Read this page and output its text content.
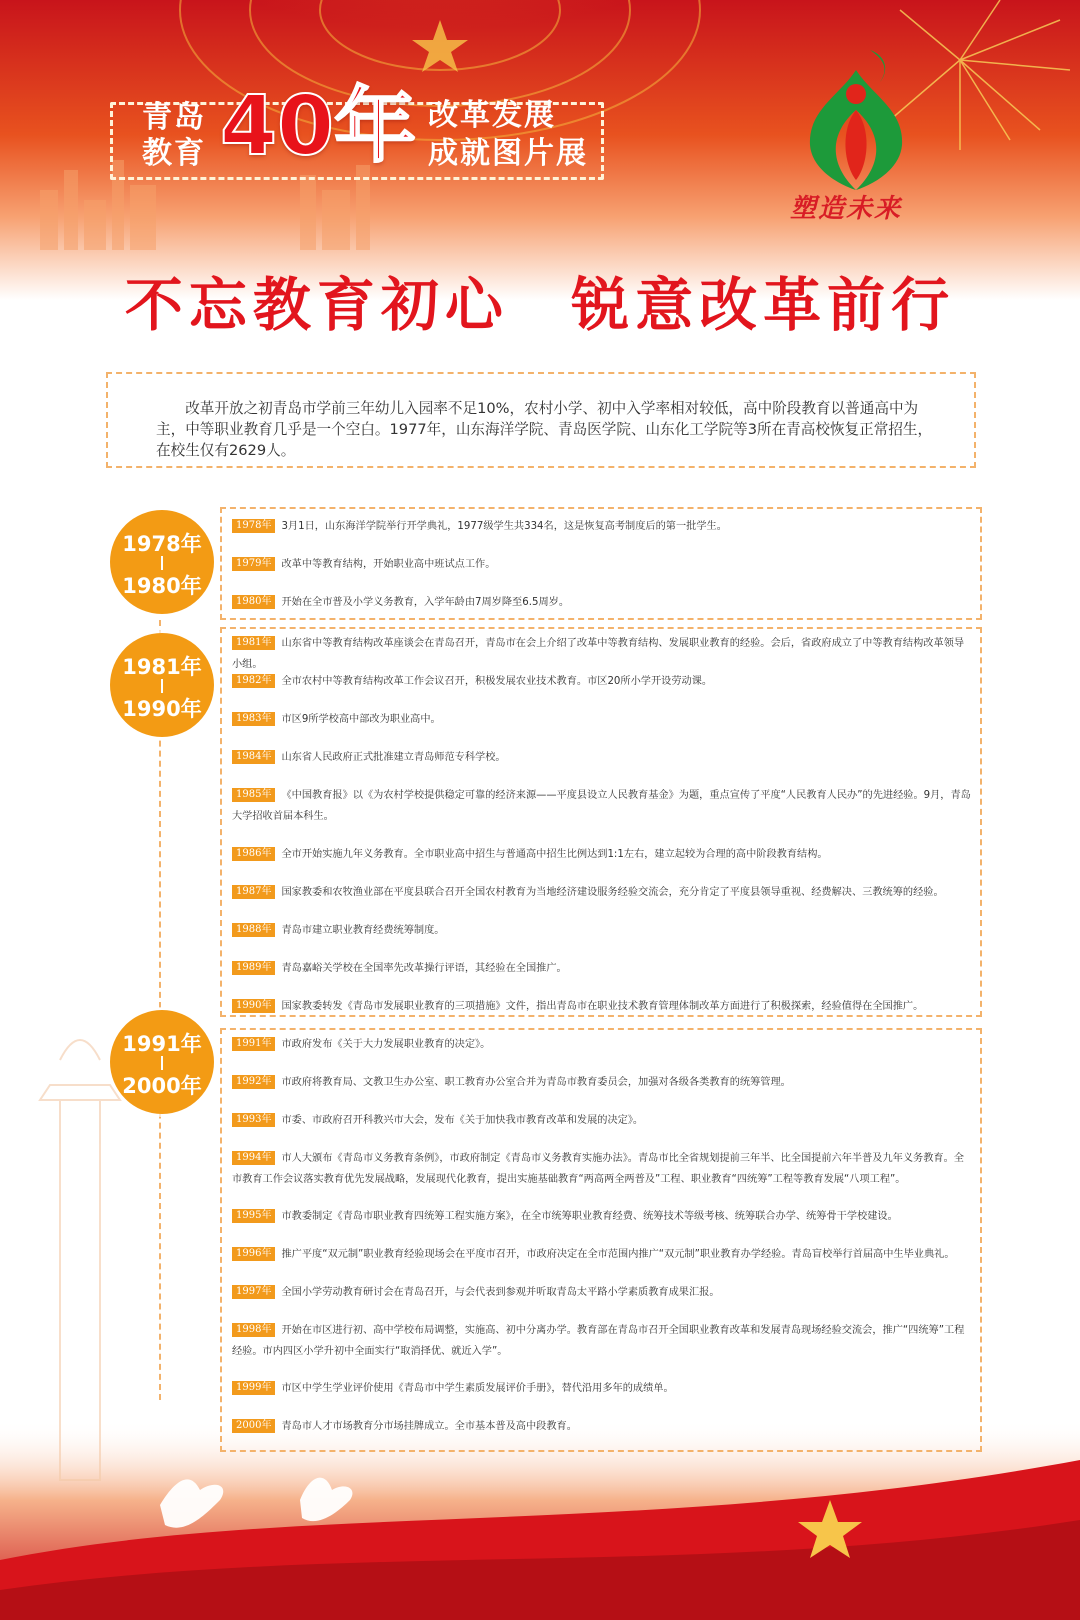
青岛
教育 40年 改革发展
成就图片展
塑造未来
不忘教育初心 锐意改革前行

改革开放之初青岛市学前三年幼儿入园率不足10%，农村小学、初中入学率相对较低，高中阶段教育以普通高中为主，中等职业教育几乎是一个空白。1977年，山东海洋学院、青岛医学院、山东化工学院等3所在青高校恢复正常招生，在校生仅有2629人。

1978年
1980年
1978年 3月1日，山东海洋学院举行开学典礼，1977级学生共334名，这是恢复高考制度后的第一批学生。
1979年 改革中等教育结构，开始职业高中班试点工作。
1980年 开始在全市普及小学义务教育，入学年龄由7周岁降至6.5周岁。
1981年
1990年
1981年 山东省中等教育结构改革座谈会在青岛召开，青岛市在会上介绍了改革中等教育结构、发展职业教育的经验。会后，省政府成立了中等教育结构改革领导小组。
1982年 全市农村中等教育结构改革工作会议召开，积极发展农业技术教育。市区20所小学开设劳动课。
1983年 市区9所学校高中部改为职业高中。
1984年 山东省人民政府正式批准建立青岛师范专科学校。
1985年 《中国教育报》以《为农村学校提供稳定可靠的经济来源——平度县设立人民教育基金》为题，重点宣传了平度“人民教育人民办”的先进经验。9月，青岛大学招收首届本科生。
1986年 全市开始实施九年义务教育。全市职业高中招生与普通高中招生比例达到1:1左右，建立起较为合理的高中阶段教育结构。
1987年 国家教委和农牧渔业部在平度县联合召开全国农村教育为当地经济建设服务经验交流会，充分肯定了平度县领导重视、经费解决、三教统筹的经验。
1988年 青岛市建立职业教育经费统筹制度。
1989年 青岛嘉峪关学校在全国率先改革操行评语，其经验在全国推广。
1990年 国家教委转发《青岛市发展职业教育的三项措施》文件，指出青岛市在职业技术教育管理体制改革方面进行了积极探索，经验值得在全国推广。
1991年
2000年
1991年 市政府发布《关于大力发展职业教育的决定》。
1992年 市政府将教育局、文教卫生办公室、职工教育办公室合并为青岛市教育委员会，加强对各级各类教育的统筹管理。
1993年 市委、市政府召开科教兴市大会，发布《关于加快我市教育改革和发展的决定》。
1994年 市人大颁布《青岛市义务教育条例》，市政府制定《青岛市义务教育实施办法》。青岛市比全省规划提前三年半、比全国提前六年半普及九年义务教育。全市教育工作会议落实教育优先发展战略，发展现代化教育，提出实施基础教育“两高两全两普及”工程、职业教育“四统筹”工程等教育发展“八项工程”。
1995年 市教委制定《青岛市职业教育四统筹工程实施方案》，在全市统筹职业教育经费、统筹技术等级考核、统筹联合办学、统筹骨干学校建设。
1996年 推广平度“双元制”职业教育经验现场会在平度市召开，市政府决定在全市范围内推广“双元制”职业教育办学经验。青岛盲校举行首届高中生毕业典礼。
1997年 全国小学劳动教育研讨会在青岛召开，与会代表到参观并听取青岛太平路小学素质教育成果汇报。
1998年 开始在市区进行初、高中学校布局调整，实施高、初中分离办学。教育部在青岛市召开全国职业教育改革和发展青岛现场经验交流会，推广“四统筹”工程经验。市内四区小学升初中全面实行“取消择优、就近入学”。
1999年 市区中学生学业评价使用《青岛市中学生素质发展评价手册》，替代沿用多年的成绩单。
2000年 青岛市人才市场教育分市场挂牌成立。全市基本普及高中段教育。
